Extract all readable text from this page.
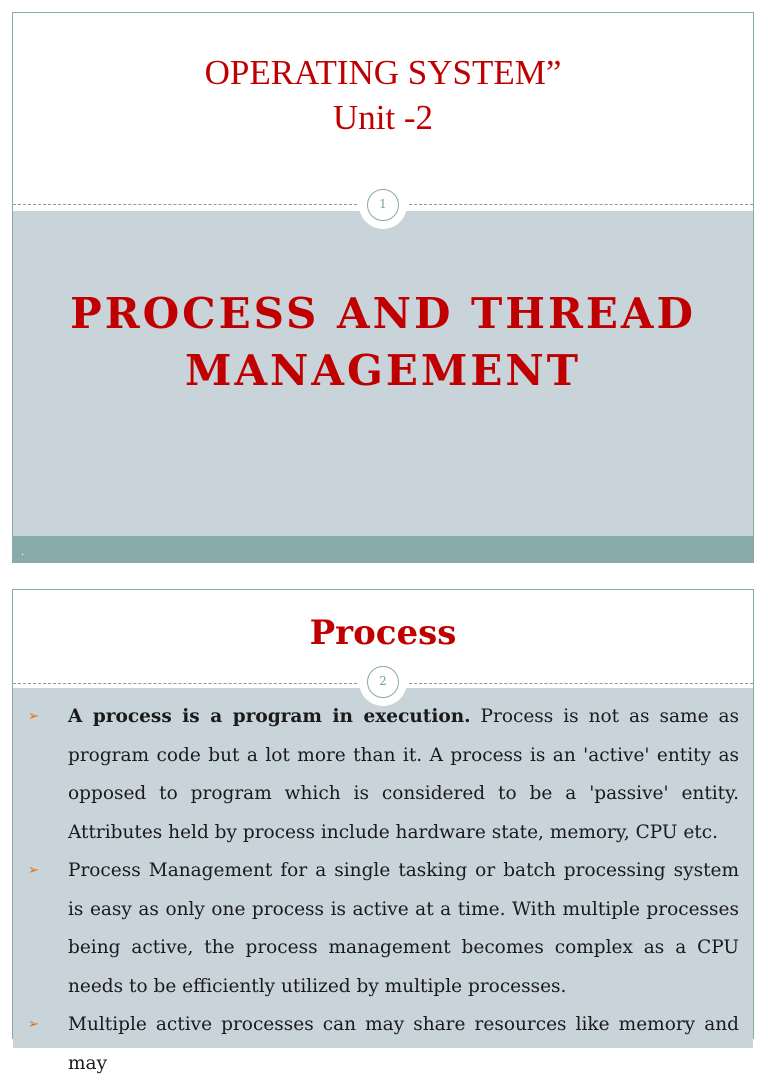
OPERATING SYSTEM”
Unit -2
PROCESS AND THREAD
MANAGEMENT
.
1
Process
➢ A process is a program in execution. Process is not as same as program code but a lot more than it. A process is an 'active' entity as opposed to program which is considered to be a 'passive' entity. Attributes held by process include hardware state, memory, CPU etc.
➢ Process Management for a single tasking or batch processing system is easy as only one process is active at a time. With multiple processes being active, the process management becomes complex as a CPU needs to be efficiently utilized by multiple processes.
➢ Multiple active processes can may share resources like memory and may
2
